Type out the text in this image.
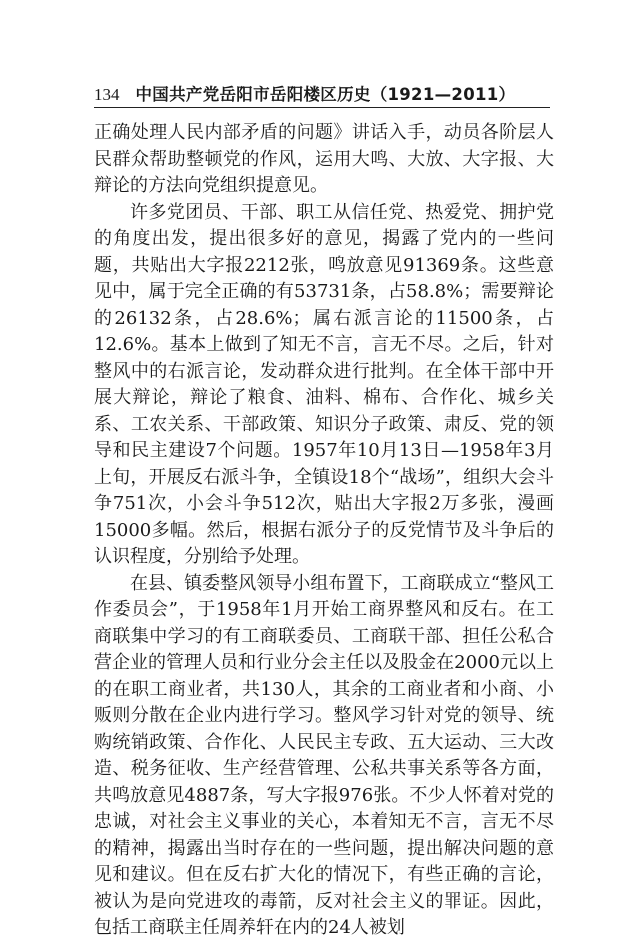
134 中国共产党岳阳市岳阳楼区历史（1921—2011）

正确处理人民内部矛盾的问题》讲话入手，动员各阶层人民群众帮助整顿党的作风，运用大鸣、大放、大字报、大辩论的方法向党组织提意见。

许多党团员、干部、职工从信任党、热爱党、拥护党的角度出发，提出很多好的意见，揭露了党内的一些问题，共贴出大字报2212张，鸣放意见91369条。这些意见中，属于完全正确的有53731条，占58.8%；需要辩论的26132条，占28.6%；属右派言论的11500条，占12.6%。基本上做到了知无不言，言无不尽。之后，针对整风中的右派言论，发动群众进行批判。在全体干部中开展大辩论，辩论了粮食、油料、棉布、合作化、城乡关系、工农关系、干部政策、知识分子政策、肃反、党的领导和民主建设7个问题。1957年10月13日—1958年3月上旬，开展反右派斗争，全镇设18个“战场”，组织大会斗争751次，小会斗争512次，贴出大字报2万多张，漫画15000多幅。然后，根据右派分子的反党情节及斗争后的认识程度，分别给予处理。

在县、镇委整风领导小组布置下，工商联成立“整风工作委员会”，于1958年1月开始工商界整风和反右。在工商联集中学习的有工商联委员、工商联干部、担任公私合营企业的管理人员和行业分会主任以及股金在2000元以上的在职工商业者，共130人，其余的工商业者和小商、小贩则分散在企业内进行学习。整风学习针对党的领导、统购统销政策、合作化、人民民主专政、五大运动、三大改造、税务征收、生产经营管理、公私共事关系等各方面，共鸣放意见4887条，写大字报976张。不少人怀着对党的忠诚，对社会主义事业的关心，本着知无不言，言无不尽的精神，揭露出当时存在的一些问题，提出解决问题的意见和建议。但在反右扩大化的情况下，有些正确的言论，被认为是向党进攻的毒箭，反对社会主义的罪证。因此，包括工商联主任周养轩在内的24人被划
